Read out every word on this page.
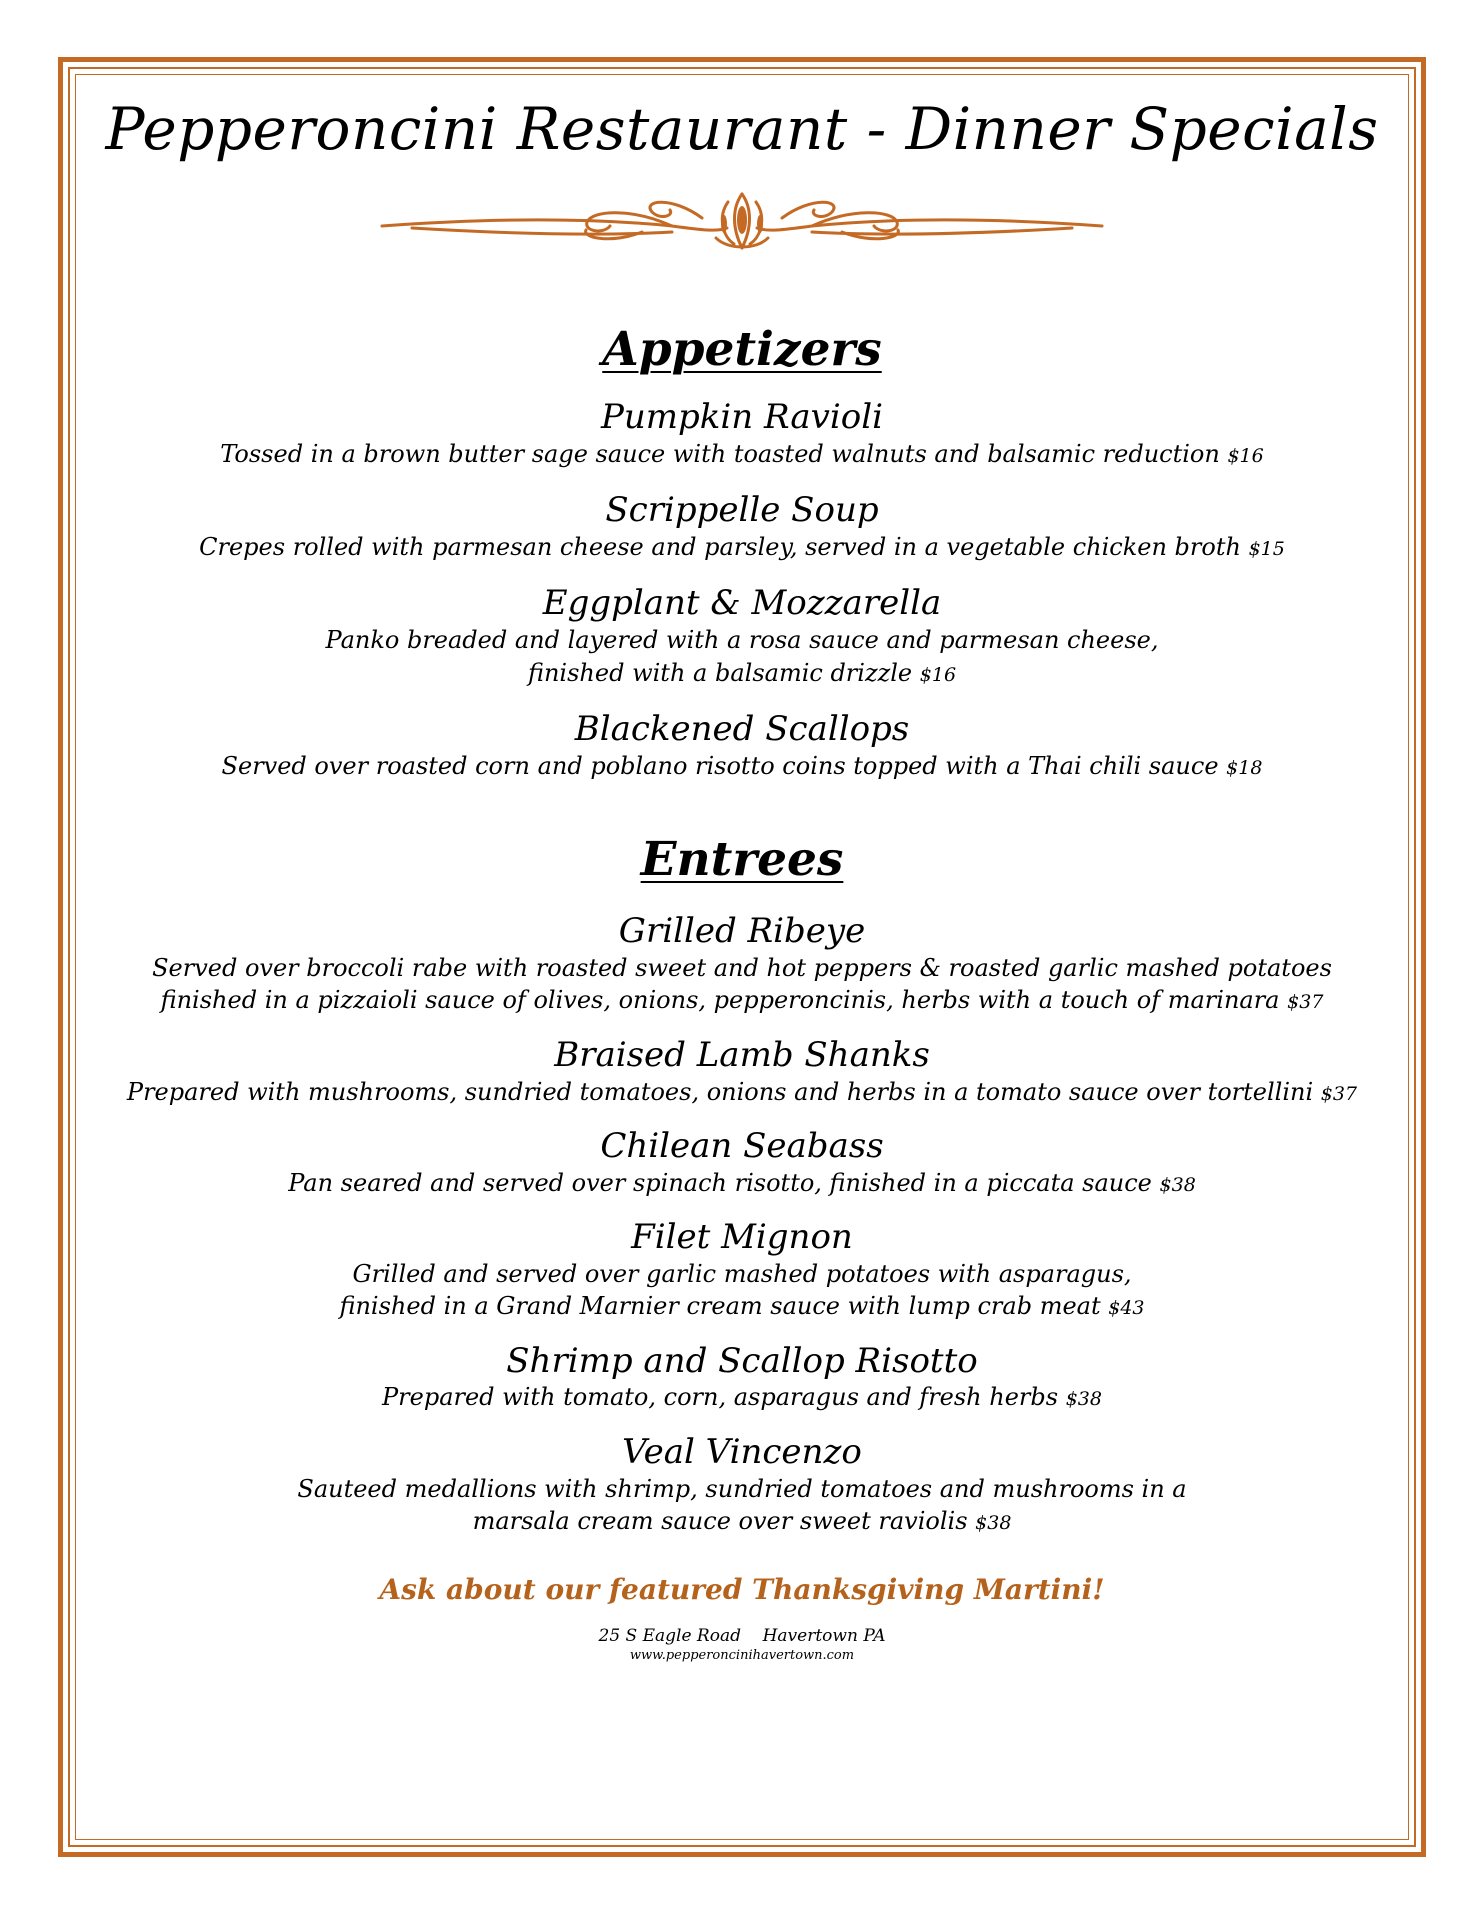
Pepperoncini Restaurant - Dinner Specials
Appetizers
Pumpkin Ravioli
Tossed in a brown butter sage sauce with toasted walnuts and balsamic reduction $16
Scrippelle Soup
Crepes rolled with parmesan cheese and parsley, served in a vegetable chicken broth $15
Eggplant & Mozzarella
Panko breaded and layered with a rosa sauce and parmesan cheese,
finished with a balsamic drizzle $16
Blackened Scallops
Served over roasted corn and poblano risotto coins topped with a Thai chili sauce $18
Entrees
Grilled Ribeye
Served over broccoli rabe with roasted sweet and hot peppers & roasted garlic mashed potatoes
finished in a pizzaioli sauce of olives, onions, pepperoncinis, herbs with a touch of marinara $37
Braised Lamb Shanks
Prepared with mushrooms, sundried tomatoes, onions and herbs in a tomato sauce over tortellini $37
Chilean Seabass
Pan seared and served over spinach risotto, finished in a piccata sauce $38
Filet Mignon
Grilled and served over garlic mashed potatoes with asparagus,
finished in a Grand Marnier cream sauce with lump crab meat $43
Shrimp and Scallop Risotto
Prepared with tomato, corn, asparagus and fresh herbs $38
Veal Vincenzo
Sauteed medallions with shrimp, sundried tomatoes and mushrooms in a
marsala cream sauce over sweet raviolis $38
Ask about our featured Thanksgiving Martini!
25 S Eagle Road    Havertown PA
www.pepperoncinihavertown.com
